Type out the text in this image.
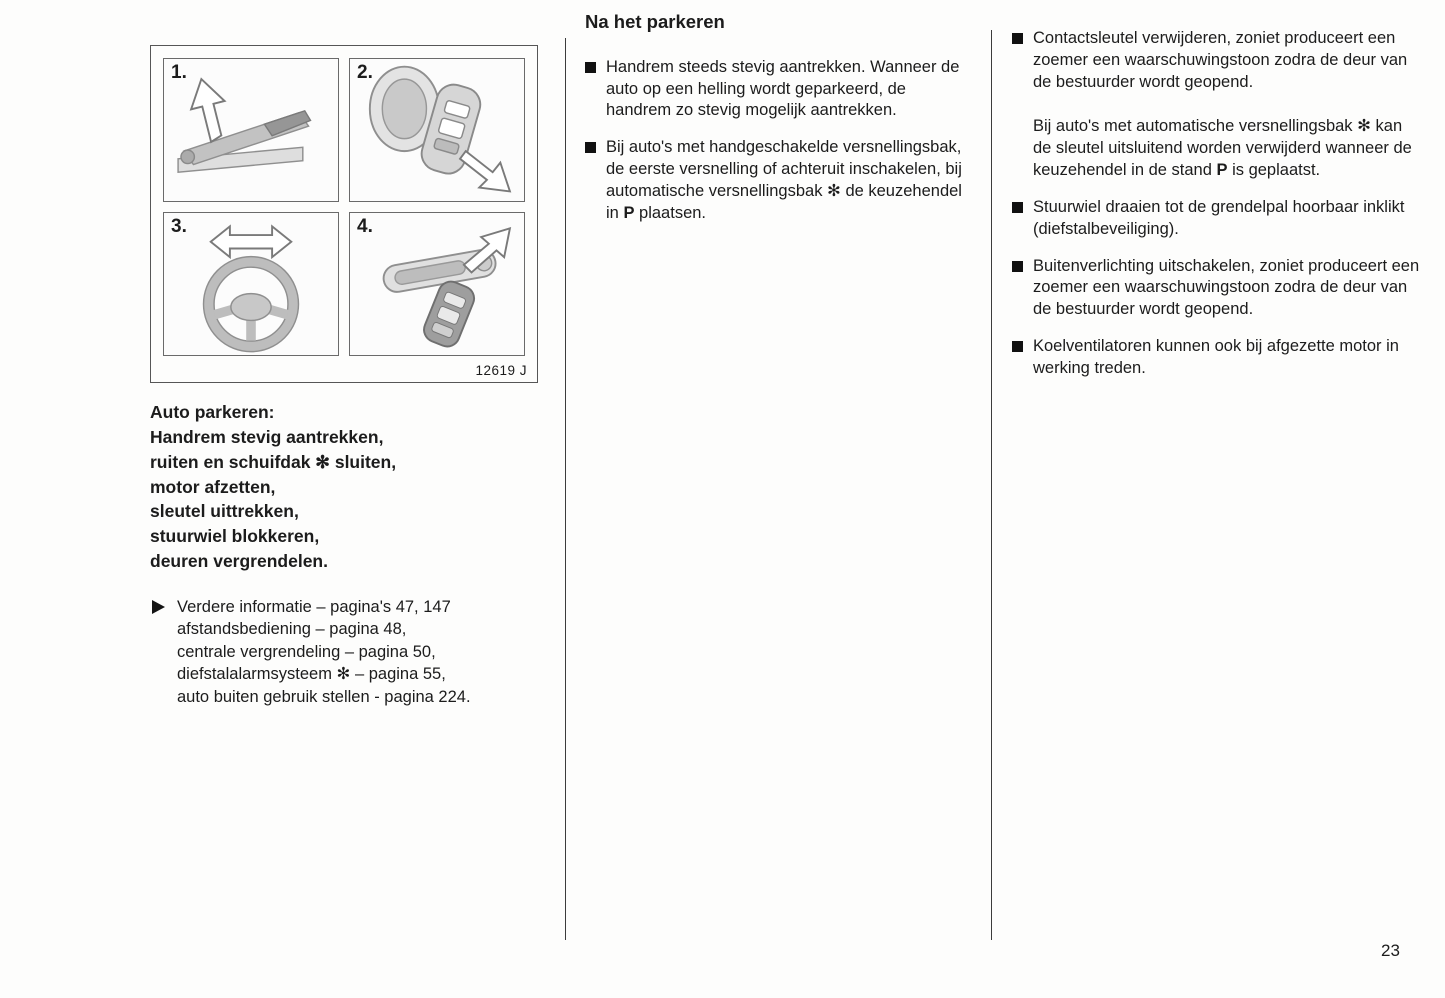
1.	2.
3.	4.
12619 J
Auto parkeren:
Handrem stevig aantrekken,
ruiten en schuifdak ✻ sluiten,
motor afzetten,
sleutel uittrekken,
stuurwiel blokkeren,
deuren vergrendelen.
Verdere informatie – pagina's 47, 147
afstandsbediening – pagina 48,
centrale vergrendeling – pagina 50,
diefstalalarmsysteem ✻ – pagina 55,
auto buiten gebruik stellen - pagina 224.
Na het parkeren

Handrem steeds stevig aantrekken. Wanneer de auto op een helling wordt geparkeerd, de handrem zo stevig mogelijk aantrekken.

Bij auto's met handgeschakelde versnellingsbak, de eerste versnelling of achteruit inschakelen, bij automatische versnellingsbak ✻ de keuzehendel in P plaatsen.

Contactsleutel verwijderen, zoniet produceert een zoemer een waarschuwingstoon zodra de deur van de bestuurder wordt geopend.

Bij auto's met automatische versnellingsbak ✻ kan de sleutel uitsluitend worden verwijderd wanneer de keuzehendel in de stand P is geplaatst.

Stuurwiel draaien tot de grendelpal hoorbaar inklikt (diefstalbeveiliging).

Buitenverlichting uitschakelen, zoniet produceert een zoemer een waarschuwingstoon zodra de deur van de bestuurder wordt geopend.

Koelventilatoren kunnen ook bij afgezette motor in werking treden.

23
